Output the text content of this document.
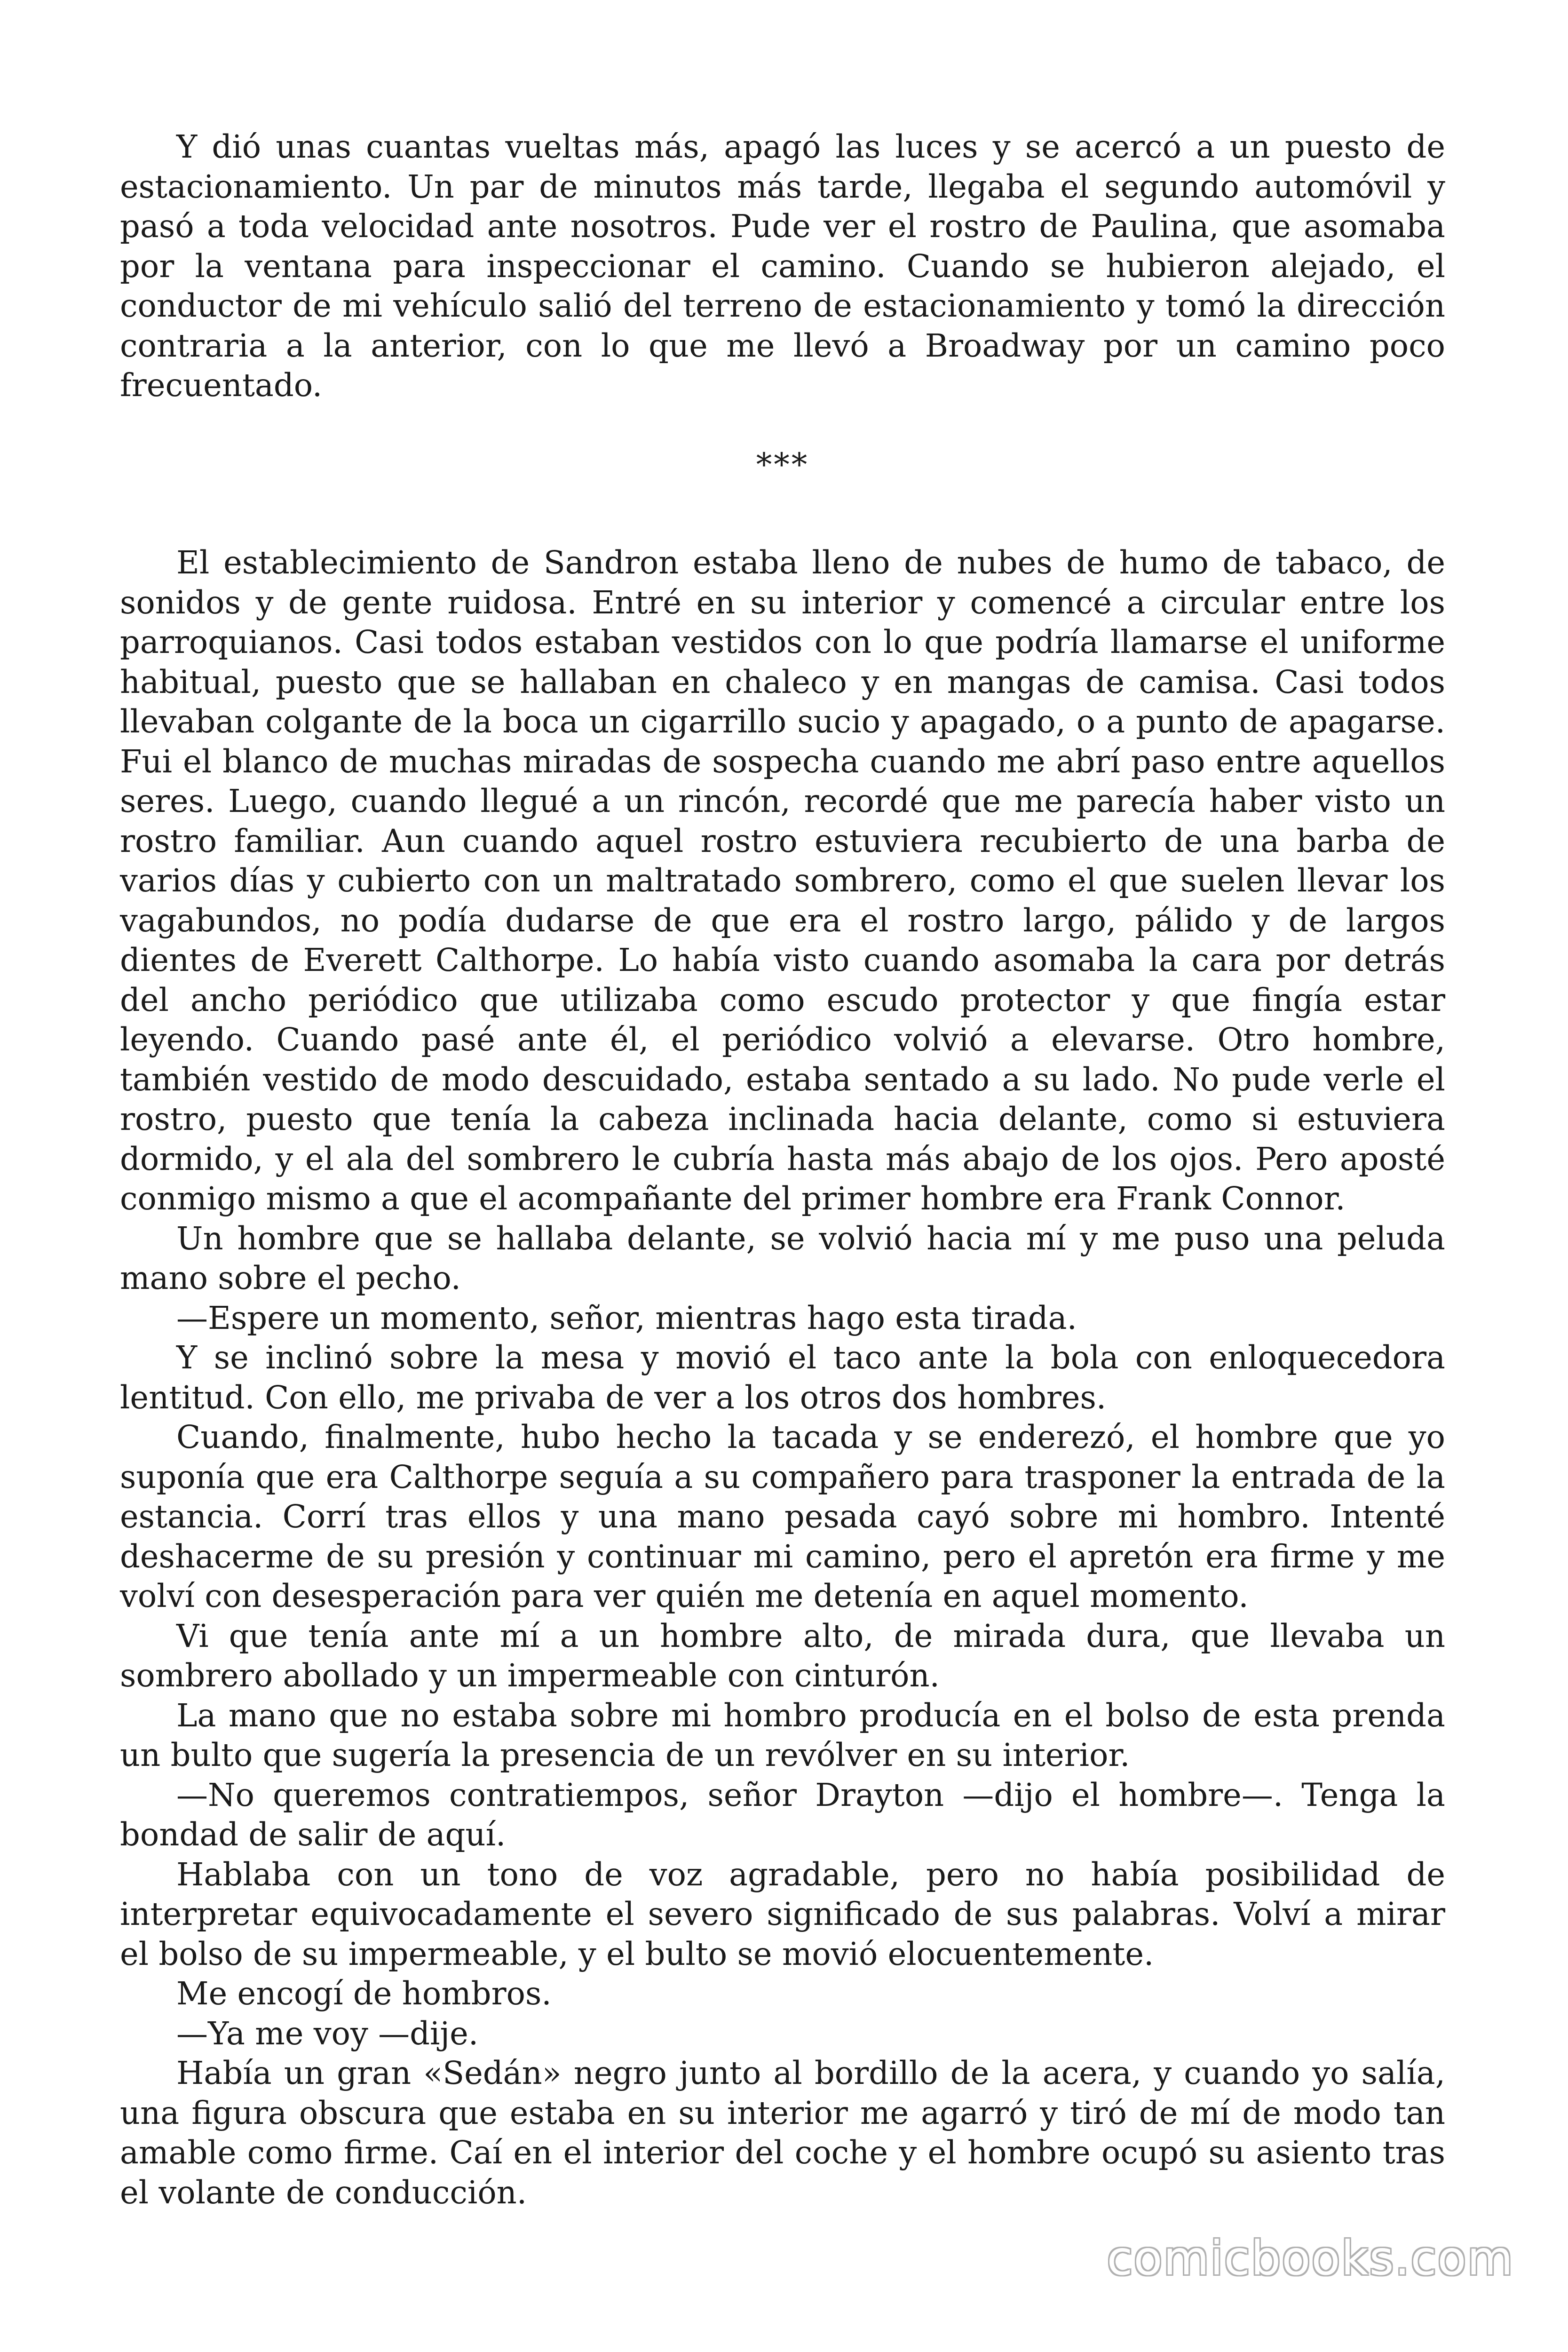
Y dió unas cuantas vueltas más, apagó las luces y se acercó a un puesto de estacionamiento. Un par de minutos más tarde, llegaba el segundo automóvil y pasó a toda velocidad ante nosotros. Pude ver el rostro de Paulina, que asomaba por la ventana para inspeccionar el camino. Cuando se hubieron alejado, el conductor de mi vehículo salió del terreno de estacionamiento y tomó la dirección contraria a la anterior, con lo que me llevó a Broadway por un camino poco frecuentado.

***

El establecimiento de Sandron estaba lleno de nubes de humo de tabaco, de sonidos y de gente ruidosa. Entré en su interior y comencé a circular entre los parroquianos. Casi todos estaban vestidos con lo que podría llamarse el uniforme habitual, puesto que se hallaban en chaleco y en mangas de camisa. Casi todos llevaban colgante de la boca un cigarrillo sucio y apagado, o a punto de apagarse. Fui el blanco de muchas miradas de sospecha cuando me abrí paso entre aquellos seres. Luego, cuando llegué a un rincón, recordé que me parecía haber visto un rostro familiar. Aun cuando aquel rostro estuviera recubierto de una barba de varios días y cubierto con un maltratado sombrero, como el que suelen llevar los vagabundos, no podía dudarse de que era el rostro largo, pálido y de largos dientes de Everett Calthorpe. Lo había visto cuando asomaba la cara por detrás del ancho periódico que utilizaba como escudo protector y que fingía estar leyendo. Cuando pasé ante él, el periódico volvió a elevarse. Otro hombre, también vestido de modo descuidado, estaba sentado a su lado. No pude verle el rostro, puesto que tenía la cabeza inclinada hacia delante, como si estuviera dormido, y el ala del sombrero le cubría hasta más abajo de los ojos. Pero aposté conmigo mismo a que el acompañante del primer hombre era Frank Connor.

Un hombre que se hallaba delante, se volvió hacia mí y me puso una peluda mano sobre el pecho.

—Espere un momento, señor, mientras hago esta tirada.

Y se inclinó sobre la mesa y movió el taco ante la bola con enloquecedora lentitud. Con ello, me privaba de ver a los otros dos hombres.

Cuando, finalmente, hubo hecho la tacada y se enderezó, el hombre que yo suponía que era Calthorpe seguía a su compañero para trasponer la entrada de la estancia. Corrí tras ellos y una mano pesada cayó sobre mi hombro. Intenté deshacerme de su presión y continuar mi camino, pero el apretón era firme y me volví con desesperación para ver quién me detenía en aquel momento.

Vi que tenía ante mí a un hombre alto, de mirada dura, que llevaba un sombrero abollado y un impermeable con cinturón.

La mano que no estaba sobre mi hombro producía en el bolso de esta prenda un bulto que sugería la presencia de un revólver en su interior.

—No queremos contratiempos, señor Drayton —dijo el hombre—. Tenga la bondad de salir de aquí.

Hablaba con un tono de voz agradable, pero no había posibilidad de interpretar equivocadamente el severo significado de sus palabras. Volví a mirar el bolso de su impermeable, y el bulto se movió elocuentemente.

Me encogí de hombros.

—Ya me voy —dije.

Había un gran «Sedán» negro junto al bordillo de la acera, y cuando yo salía, una figura obscura que estaba en su interior me agarró y tiró de mí de modo tan amable como firme. Caí en el interior del coche y el hombre ocupó su asiento tras el volante de conducción.

comicbooks.com
